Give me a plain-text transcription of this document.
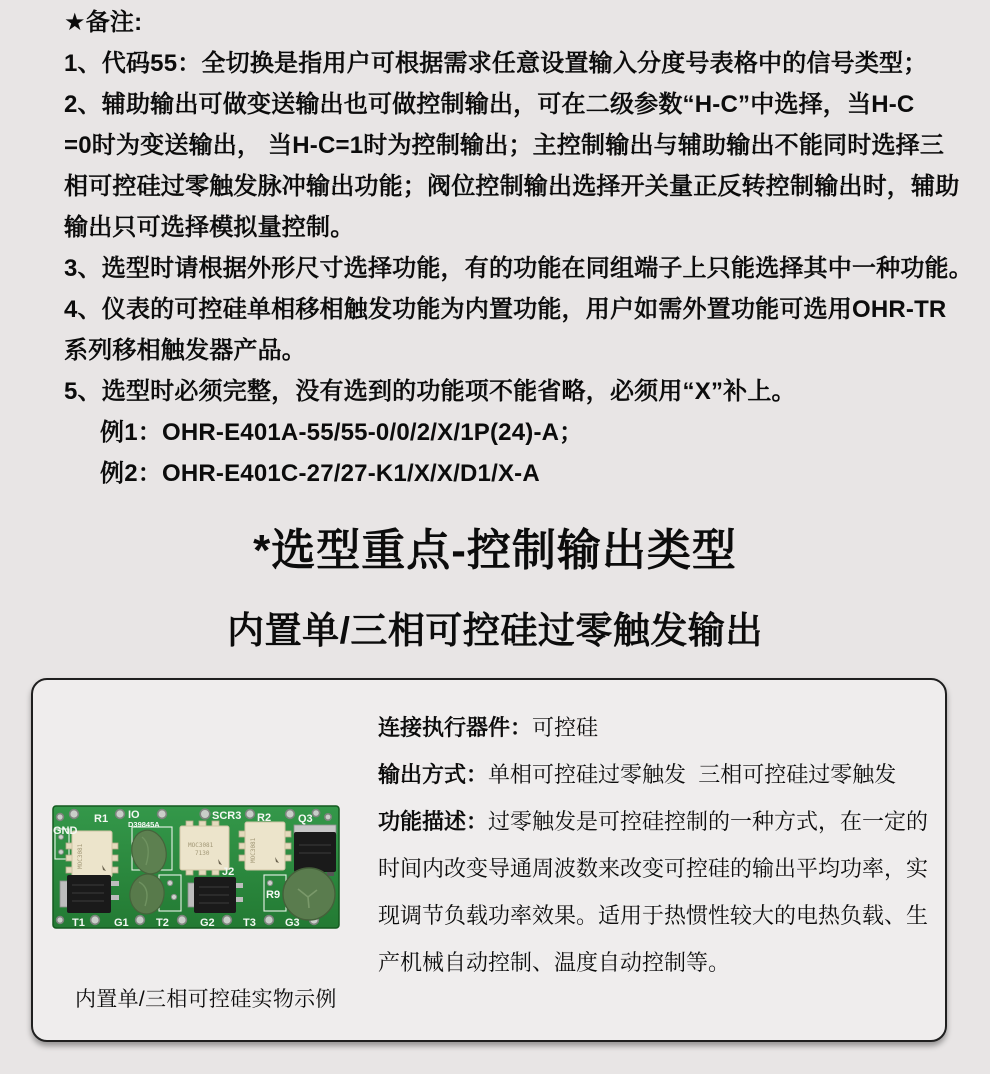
★备注:
1、代码55：全切换是指用户可根据需求任意设置输入分度号表格中的信号类型；
2、辅助输出可做变送输出也可做控制输出，可在二级参数“H-C”中选择，当H-C
=0时为变送输出， 当H-C=1时为控制输出；主控制输出与辅助输出不能同时选择三
相可控硅过零触发脉冲输出功能；阀位控制输出选择开关量正反转控制输出时，辅助
输出只可选择模拟量控制。
3、选型时请根据外形尺寸选择功能，有的功能在同组端子上只能选择其中一种功能。
4、仪表的可控硅单相移相触发功能为内置功能，用户如需外置功能可选用OHR-TR
系列移相触发器产品。
5、选型时必须完整，没有选到的功能项不能省略，必须用“X”补上。
例1：OHR-E401A-55/55-0/0/2/X/1P(24)-A；
例2：OHR-E401C-27/27-K1/X/X/D1/X-A
*选型重点-控制输出类型
内置单/三相可控硅过零触发输出
MOC3081	MOC3081
7130	MOC3081
GND
R1 IO
D39845A
SCR3 R2 Q3
J2
R9
T1	G1 T2	G2	T3	G3

连接执行器件：可控硅

输出方式：单相可控硅过零触发  三相可控硅过零触发

功能描述：过零触发是可控硅控制的一种方式，在一定的时间内改变导通周波数来改变可控硅的输出平均功率，实现调节负载功率效果。适用于热惯性较大的电热负载、生产机械自动控制、温度自动控制等。

内置单/三相可控硅实物示例
